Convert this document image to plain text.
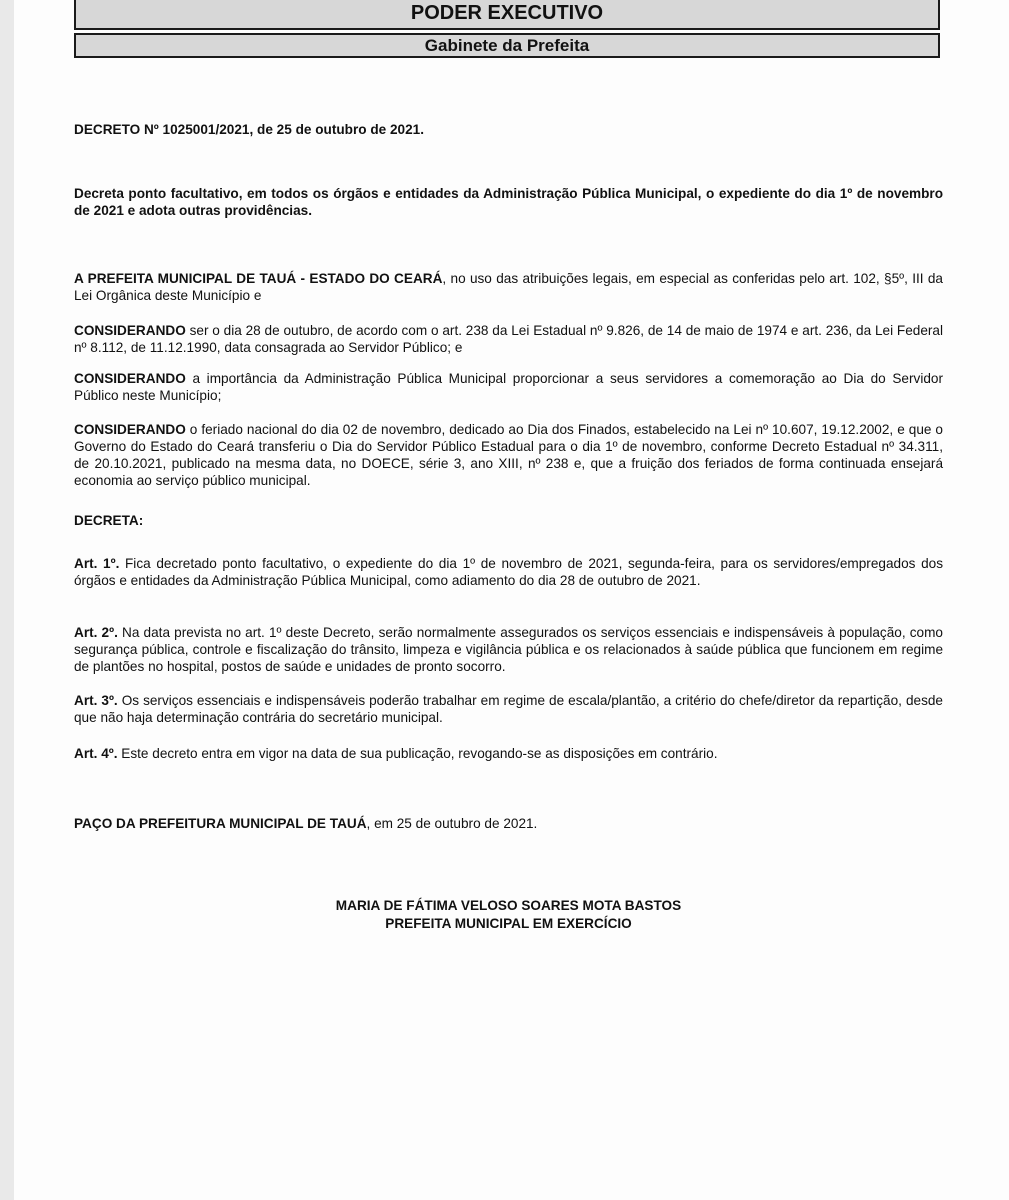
PODER EXECUTIVO
Gabinete da Prefeita
DECRETO Nº 1025001/2021, de 25 de outubro de 2021.
Decreta ponto facultativo, em todos os órgãos e entidades da Administração Pública Municipal, o expediente do dia 1º de novembro de 2021 e adota outras providências.
A PREFEITA MUNICIPAL DE TAUÁ - ESTADO DO CEARÁ, no uso das atribuições legais, em especial as conferidas pelo art. 102, §5º, III da Lei Orgânica deste Município e
CONSIDERANDO ser o dia 28 de outubro, de acordo com o art. 238 da Lei Estadual nº 9.826, de 14 de maio de 1974 e art. 236, da Lei Federal nº 8.112, de 11.12.1990, data consagrada ao Servidor Público; e
CONSIDERANDO a importância da Administração Pública Municipal proporcionar a seus servidores a comemoração ao Dia do Servidor Público neste Município;
CONSIDERANDO o feriado nacional do dia 02 de novembro, dedicado ao Dia dos Finados, estabelecido na Lei nº 10.607, 19.12.2002, e que o Governo do Estado do Ceará transferiu o Dia do Servidor Público Estadual para o dia 1º de novembro, conforme Decreto Estadual nº 34.311, de 20.10.2021, publicado na mesma data, no DOECE, série 3, ano XIII, nº 238 e, que a fruição dos feriados de forma continuada ensejará economia ao serviço público municipal.
DECRETA:
Art. 1º. Fica decretado ponto facultativo, o expediente do dia 1º de novembro de 2021, segunda-feira, para os servidores/empregados dos órgãos e entidades da Administração Pública Municipal, como adiamento do dia 28 de outubro de 2021.
Art. 2º. Na data prevista no art. 1º deste Decreto, serão normalmente assegurados os serviços essenciais e indispensáveis à população, como segurança pública, controle e fiscalização do trânsito, limpeza e vigilância pública e os relacionados à saúde pública que funcionem em regime de plantões no hospital, postos de saúde e unidades de pronto socorro.
Art. 3º. Os serviços essenciais e indispensáveis poderão trabalhar em regime de escala/plantão, a critério do chefe/diretor da repartição, desde que não haja determinação contrária do secretário municipal.
Art. 4º. Este decreto entra em vigor na data de sua publicação, revogando-se as disposições em contrário.
PAÇO DA PREFEITURA MUNICIPAL DE TAUÁ, em 25 de outubro de 2021.
MARIA DE FÁTIMA VELOSO SOARES MOTA BASTOS
PREFEITA MUNICIPAL EM EXERCÍCIO
